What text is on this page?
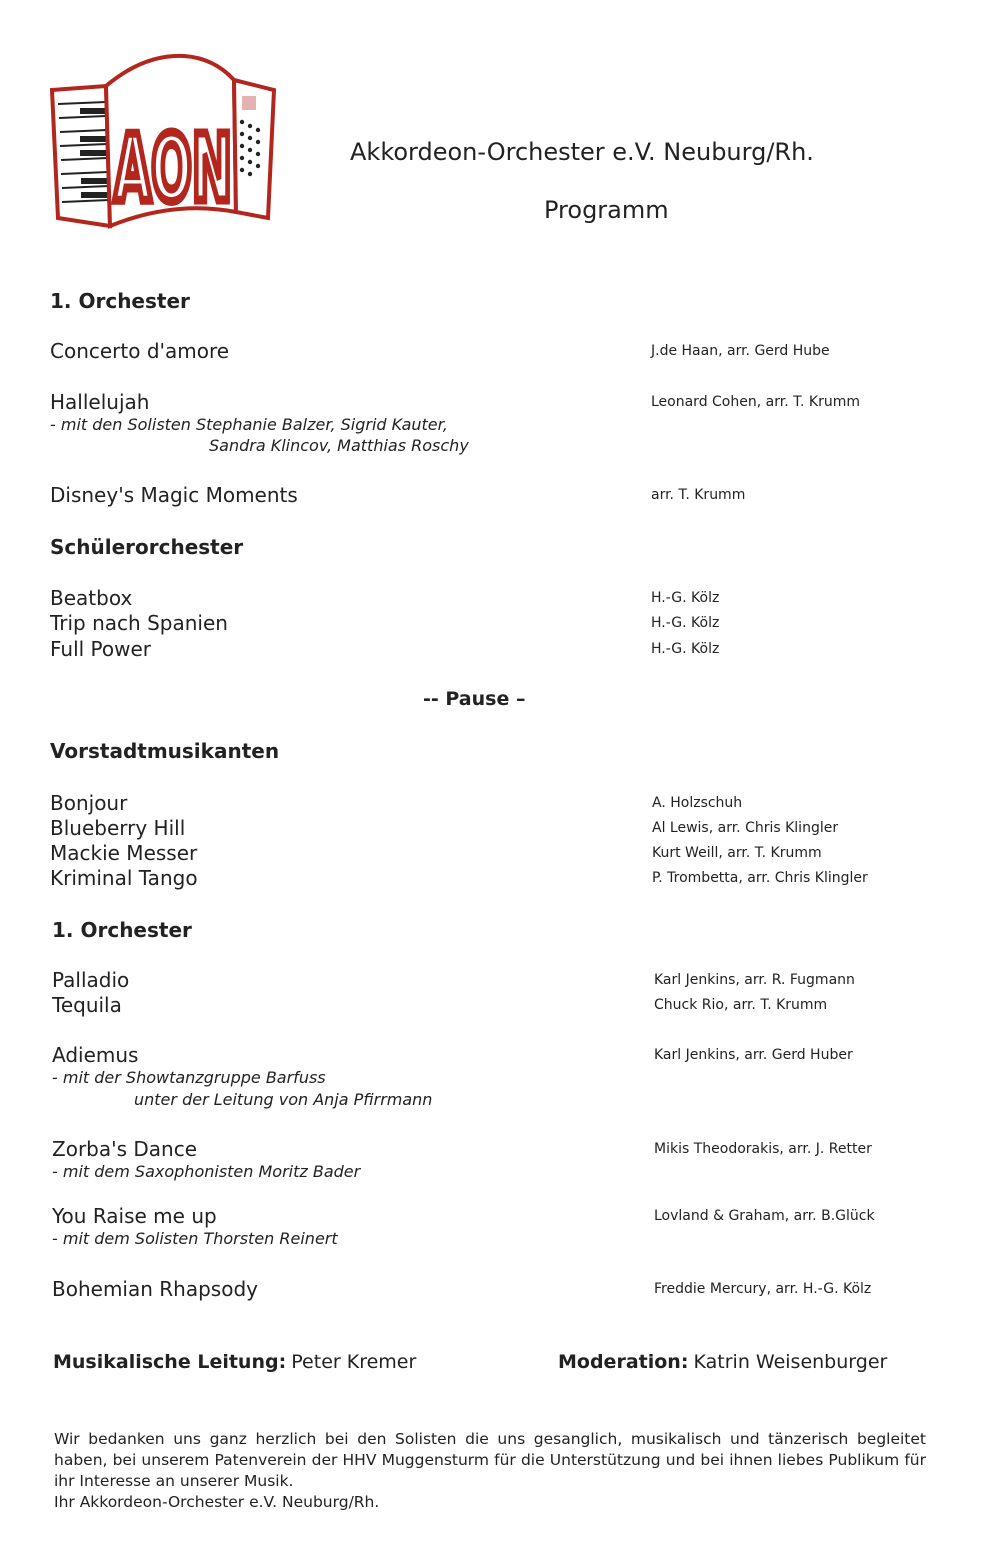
AON	Akkordeon-Orchester e.V. Neuburg/Rh.
Programm
1. Orchester
Concerto d'amore	J.de Haan, arr. Gerd Hube
Hallelujah	Leonard Cohen, arr. T. Krumm
- mit den Solisten Stephanie Balzer, Sigrid Kauter,
Sandra Klincov, Matthias Roschy
Disney's Magic Moments	arr. T. Krumm
Schülerorchester
Beatbox	H.-G. Kölz
Trip nach Spanien	H.-G. Kölz
Full Power	H.-G. Kölz
-- Pause –
Vorstadtmusikanten
Bonjour	A. Holzschuh
Blueberry Hill	Al Lewis, arr. Chris Klingler
Mackie Messer	Kurt Weill, arr. T. Krumm
Kriminal Tango	P. Trombetta, arr. Chris Klingler
1. Orchester
Palladio	Karl Jenkins, arr. R. Fugmann
Tequila	Chuck Rio, arr. T. Krumm
Adiemus	Karl Jenkins, arr. Gerd Huber
- mit der Showtanzgruppe Barfuss
unter der Leitung von Anja Pfirrmann
Zorba's Dance	Mikis Theodorakis, arr. J. Retter
- mit dem Saxophonisten Moritz Bader
You Raise me up	Lovland & Graham, arr. B.Glück
- mit dem Solisten Thorsten Reinert
Bohemian Rhapsody	Freddie Mercury, arr. H.-G. Kölz
Musikalische Leitung: Peter Kremer	Moderation: Katrin Weisenburger
Wir bedanken uns ganz herzlich bei den Solisten die uns gesanglich, musikalisch und tänzerisch begleitet haben, bei unserem Patenverein der HHV Muggensturm für die Unterstützung und bei ihnen liebes Publikum für ihr Interesse an unserer Musik.
Ihr Akkordeon-Orchester e.V. Neuburg/Rh.
